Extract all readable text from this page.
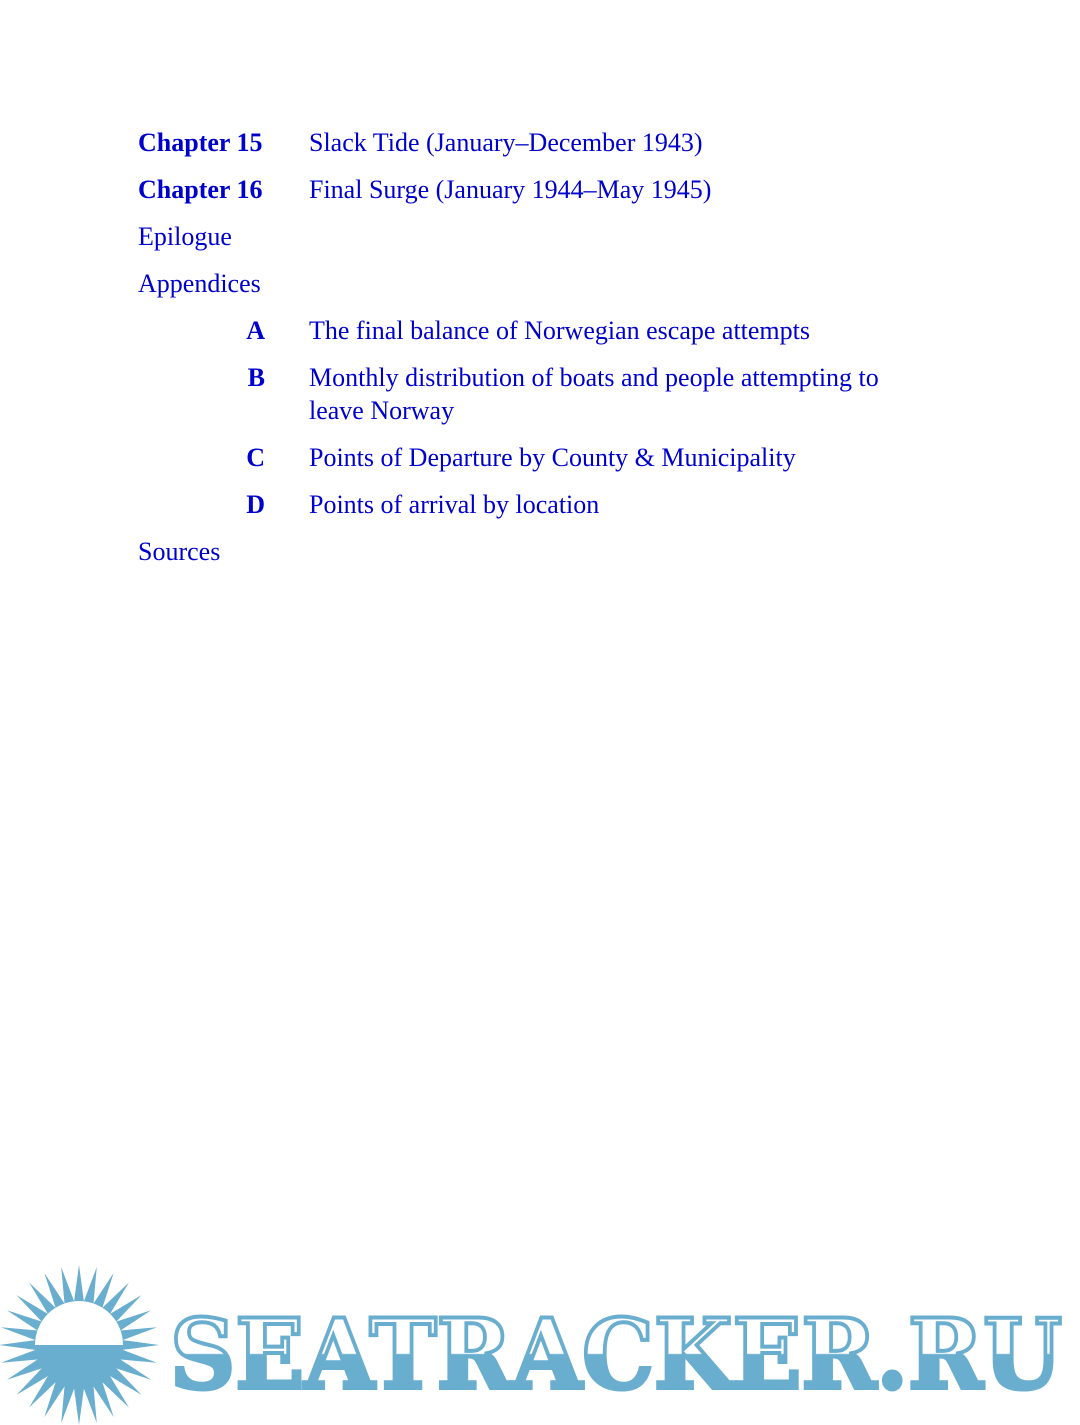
Chapter 15	Slack Tide (January–December 1943)
Chapter 16	Final Surge (January 1944–May 1945)
Epilogue
Appendices
A	The final balance of Norwegian escape attempts
B	Monthly distribution of boats and people attempting to leave Norway
C	Points of Departure by County & Municipality
D	Points of arrival by location
Sources
SEATRACKER.RU
